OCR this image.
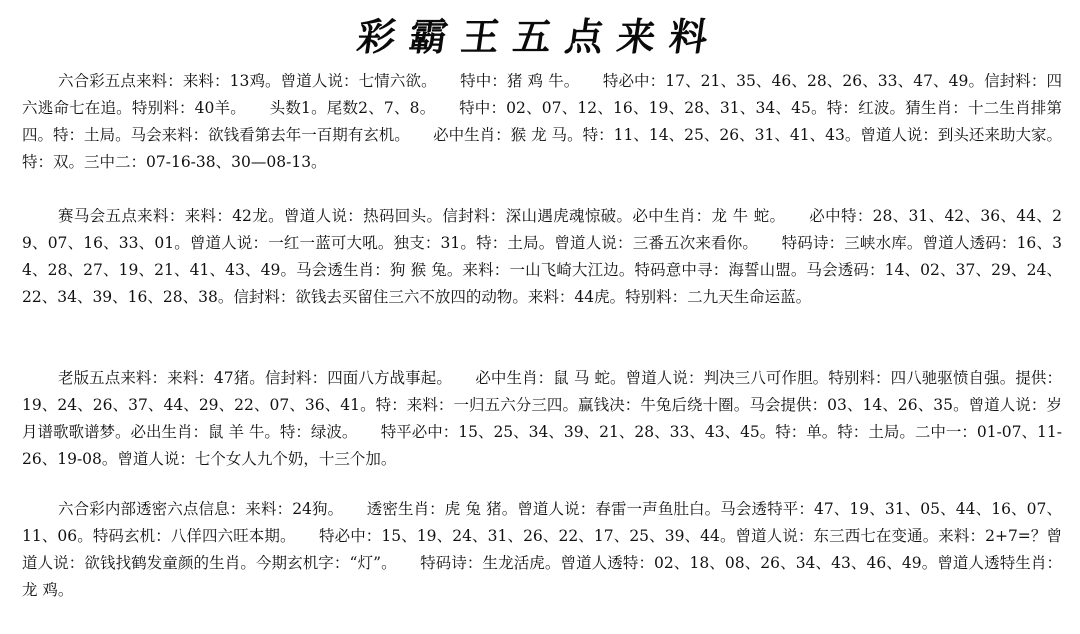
彩霸王五点来料

六合彩五点来料：来料：13鸡。曾道人说：七情六欲。　　特中：猪 鸡 牛。　　特必中：17、21、35、46、28、26、33、47、49。信封料：四六逃命七在追。特别料：40羊。　　头数1。尾数2、7、8。　　特中：02、07、12、16、19、28、31、34、45。特：红波。猜生肖：十二生肖排第四。特：土局。马会来料：欲钱看第去年一百期有玄机。　　必中生肖：猴 龙 马。特：11、14、25、26、31、41、43。曾道人说：到头还来助大家。特：双。三中二：07-16-38、30—08-13。

赛马会五点来料：来料：42龙。曾道人说：热码回头。信封料：深山遇虎魂惊破。必中生肖：龙 牛 蛇。　　必中特：28、31、42、36、44、29、07、16、33、01。曾道人说：一红一蓝可大吼。独支：31。特：土局。曾道人说：三番五次来看你。　　特码诗：三峡水库。曾道人透码：16、34、28、27、19、21、41、43、49。马会透生肖：狗 猴 兔。来料：一山飞崎大江边。特码意中寻：海誓山盟。马会透码：14、02、37、29、24、22、34、39、16、28、38。信封料：欲钱去买留住三六不放四的动物。来料：44虎。特别料：二九天生命运蓝。

老版五点来料：来料：47猪。信封料：四面八方战事起。　　必中生肖：鼠 马 蛇。曾道人说：判决三八可作胆。特别料：四八驰驱愤自强。提供：19、24、26、37、44、29、22、07、36、41。特：来料：一归五六分三四。赢钱决：牛兔后绕十圈。马会提供：03、14、26、35。曾道人说：岁月谱歌歌谱梦。必出生肖：鼠 羊 牛。特：绿波。　　特平必中：15、25、34、39、21、28、33、43、45。特：单。特：土局。二中一：01-07、11-26、19-08。曾道人说：七个女人九个奶，十三个加。

六合彩内部透密六点信息：来料：24狗。　　透密生肖：虎 兔 猪。曾道人说：春雷一声鱼肚白。马会透特平：47、19、31、05、44、16、07、11、06。特码玄机：八佯四六旺本期。　　特必中：15、19、24、31、26、22、17、25、39、44。曾道人说：东三西七在变通。来料：2+7=？曾道人说：欲钱找鹤发童颜的生肖。今期玄机字：“灯”。　　特码诗：生龙活虎。曾道人透特：02、18、08、26、34、43、46、49。曾道人透特生肖：龙 鸡。
